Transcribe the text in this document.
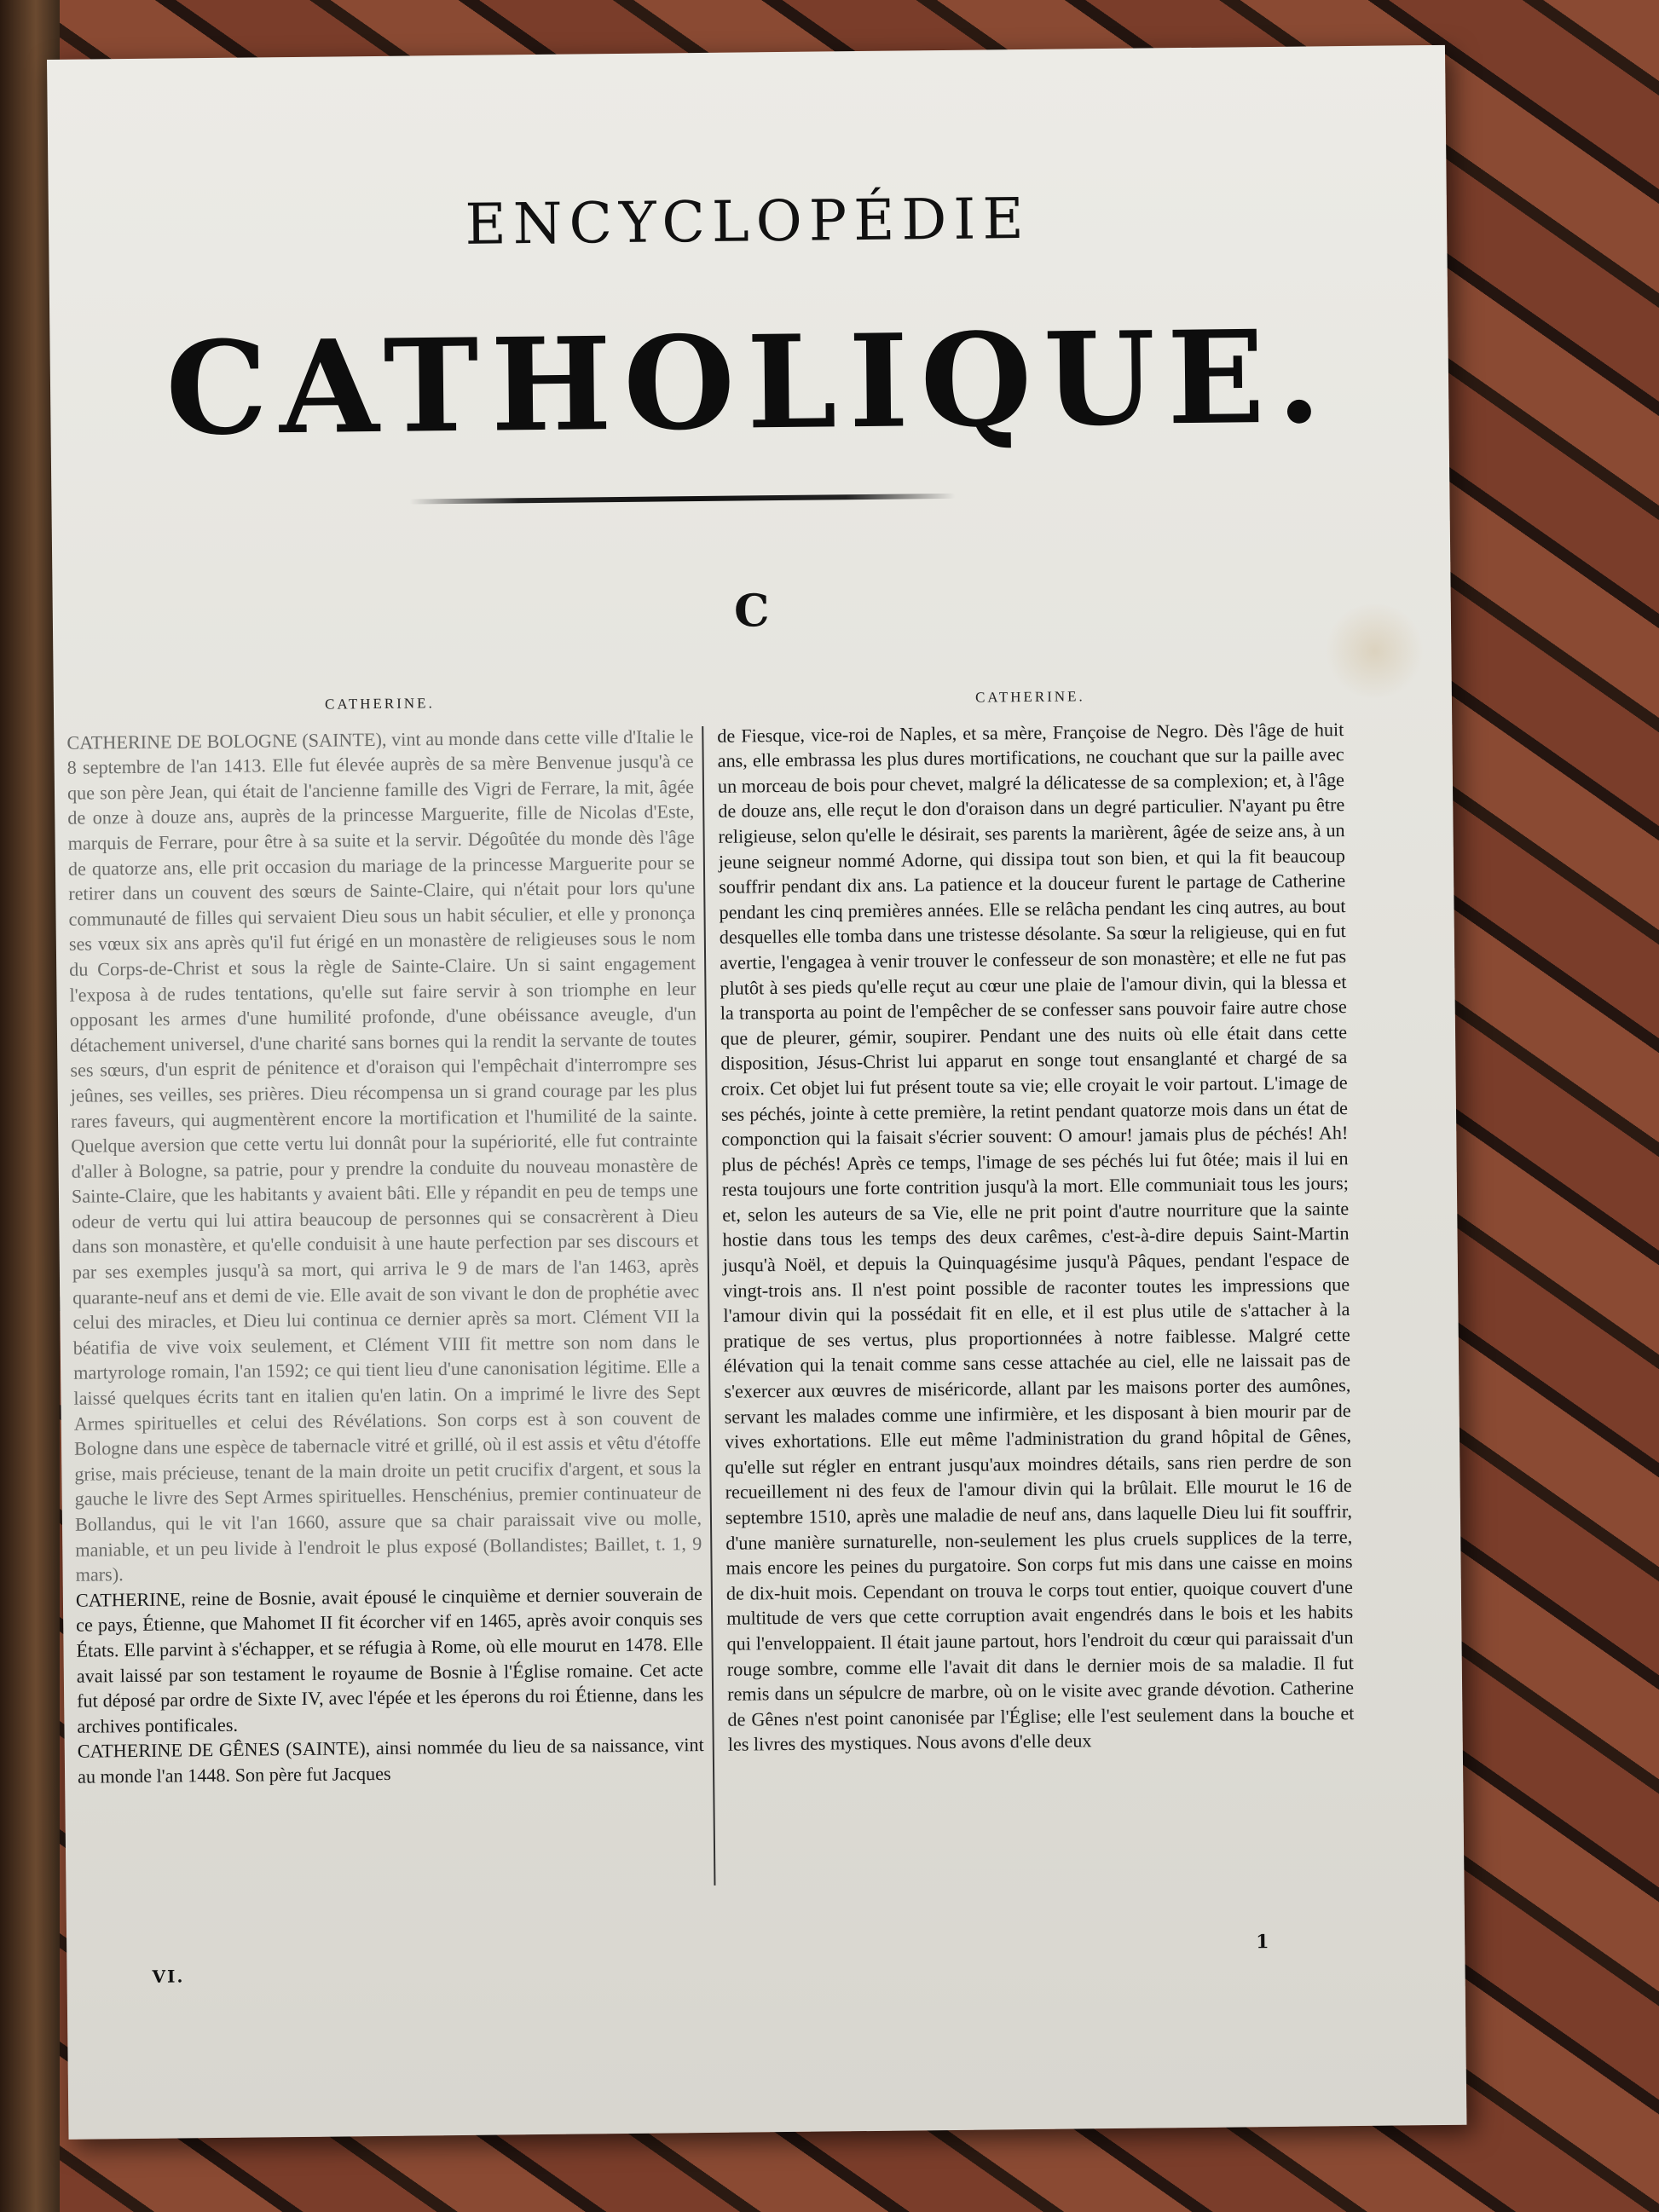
ENCYCLOPÉDIE
CATHOLIQUE.
C
CATHERINE.

CATHERINE DE BOLOGNE (SAINTE), vint au monde dans cette ville d'Italie le 8 septembre de l'an 1413. Elle fut élevée auprès de sa mère Benvenue jusqu'à ce que son père Jean, qui était de l'ancienne famille des Vigri de Ferrare, la mit, âgée de onze à douze ans, auprès de la princesse Marguerite, fille de Nicolas d'Este, marquis de Ferrare, pour être à sa suite et la servir. Dégoûtée du monde dès l'âge de quatorze ans, elle prit occasion du mariage de la princesse Marguerite pour se retirer dans un couvent des sœurs de Sainte-Claire, qui n'était pour lors qu'une communauté de filles qui servaient Dieu sous un habit séculier, et elle y prononça ses vœux six ans après qu'il fut érigé en un monastère de religieuses sous le nom du Corps-de-Christ et sous la règle de Sainte-Claire. Un si saint engagement l'exposa à de rudes tentations, qu'elle sut faire servir à son triomphe en leur opposant les armes d'une humilité profonde, d'une obéissance aveugle, d'un détachement universel, d'une charité sans bornes qui la rendit la servante de toutes ses sœurs, d'un esprit de pénitence et d'oraison qui l'empêchait d'interrompre ses jeûnes, ses veilles, ses prières. Dieu récompensa un si grand courage par les plus rares faveurs, qui augmentèrent encore la mortification et l'humilité de la sainte. Quelque aversion que cette vertu lui donnât pour la supériorité, elle fut contrainte d'aller à Bologne, sa patrie, pour y prendre la conduite du nouveau monastère de Sainte-Claire, que les habitants y avaient bâti. Elle y répandit en peu de temps une odeur de vertu qui lui attira beaucoup de personnes qui se consacrèrent à Dieu dans son monastère, et qu'elle conduisit à une haute perfection par ses discours et par ses exemples jusqu'à sa mort, qui arriva le 9 de mars de l'an 1463, après quarante-neuf ans et demi de vie. Elle avait de son vivant le don de prophétie avec celui des miracles, et Dieu lui continua ce dernier après sa mort. Clément VII la béatifia de vive voix seulement, et Clément VIII fit mettre son nom dans le martyrologe romain, l'an 1592; ce qui tient lieu d'une canonisation légitime. Elle a laissé quelques écrits tant en italien qu'en latin. On a imprimé le livre des Sept Armes spirituelles et celui des Révélations. Son corps est à son couvent de Bologne dans une espèce de tabernacle vitré et grillé, où il est assis et vêtu d'étoffe grise, mais précieuse, tenant de la main droite un petit crucifix d'argent, et sous la gauche le livre des Sept Armes spirituelles. Henschénius, premier continuateur de Bollandus, qui le vit l'an 1660, assure que sa chair paraissait vive ou molle, maniable, et un peu livide à l'endroit le plus exposé (Bollandistes; Baillet, t. 1, 9 mars).

CATHERINE, reine de Bosnie, avait épousé le cinquième et dernier souverain de ce pays, Étienne, que Mahomet II fit écorcher vif en 1465, après avoir conquis ses États. Elle parvint à s'échapper, et se réfugia à Rome, où elle mourut en 1478. Elle avait laissé par son testament le royaume de Bosnie à l'Église romaine. Cet acte fut déposé par ordre de Sixte IV, avec l'épée et les éperons du roi Étienne, dans les archives pontificales.

CATHERINE DE GÊNES (SAINTE), ainsi nommée du lieu de sa naissance, vint au monde l'an 1448. Son père fut Jacques

CATHERINE.

de Fiesque, vice-roi de Naples, et sa mère, Françoise de Negro. Dès l'âge de huit ans, elle embrassa les plus dures mortifications, ne couchant que sur la paille avec un morceau de bois pour chevet, malgré la délicatesse de sa complexion; et, à l'âge de douze ans, elle reçut le don d'oraison dans un degré particulier. N'ayant pu être religieuse, selon qu'elle le désirait, ses parents la marièrent, âgée de seize ans, à un jeune seigneur nommé Adorne, qui dissipa tout son bien, et qui la fit beaucoup souffrir pendant dix ans. La patience et la douceur furent le partage de Catherine pendant les cinq premières années. Elle se relâcha pendant les cinq autres, au bout desquelles elle tomba dans une tristesse désolante. Sa sœur la religieuse, qui en fut avertie, l'engagea à venir trouver le confesseur de son monastère; et elle ne fut pas plutôt à ses pieds qu'elle reçut au cœur une plaie de l'amour divin, qui la blessa et la transporta au point de l'empêcher de se confesser sans pouvoir faire autre chose que de pleurer, gémir, soupirer. Pendant une des nuits où elle était dans cette disposition, Jésus-Christ lui apparut en songe tout ensanglanté et chargé de sa croix. Cet objet lui fut présent toute sa vie; elle croyait le voir partout. L'image de ses péchés, jointe à cette première, la retint pendant quatorze mois dans un état de componction qui la faisait s'écrier souvent: O amour! jamais plus de péchés! Ah! plus de péchés! Après ce temps, l'image de ses péchés lui fut ôtée; mais il lui en resta toujours une forte contrition jusqu'à la mort. Elle communiait tous les jours; et, selon les auteurs de sa Vie, elle ne prit point d'autre nourriture que la sainte hostie dans tous les temps des deux carêmes, c'est-à-dire depuis Saint-Martin jusqu'à Noël, et depuis la Quinquagésime jusqu'à Pâques, pendant l'espace de vingt-trois ans. Il n'est point possible de raconter toutes les impressions que l'amour divin qui la possédait fit en elle, et il est plus utile de s'attacher à la pratique de ses vertus, plus proportionnées à notre faiblesse. Malgré cette élévation qui la tenait comme sans cesse attachée au ciel, elle ne laissait pas de s'exercer aux œuvres de miséricorde, allant par les maisons porter des aumônes, servant les malades comme une infirmière, et les disposant à bien mourir par de vives exhortations. Elle eut même l'administration du grand hôpital de Gênes, qu'elle sut régler en entrant jusqu'aux moindres détails, sans rien perdre de son recueillement ni des feux de l'amour divin qui la brûlait. Elle mourut le 16 de septembre 1510, après une maladie de neuf ans, dans laquelle Dieu lui fit souffrir, d'une manière surnaturelle, non-seulement les plus cruels supplices de la terre, mais encore les peines du purgatoire. Son corps fut mis dans une caisse en moins de dix-huit mois. Cependant on trouva le corps tout entier, quoique couvert d'une multitude de vers que cette corruption avait engendrés dans le bois et les habits qui l'enveloppaient. Il était jaune partout, hors l'endroit du cœur qui paraissait d'un rouge sombre, comme elle l'avait dit dans le dernier mois de sa maladie. Il fut remis dans un sépulcre de marbre, où on le visite avec grande dévotion. Catherine de Gênes n'est point canonisée par l'Église; elle l'est seulement dans la bouche et les livres des mystiques. Nous avons d'elle deux

VI.
1
